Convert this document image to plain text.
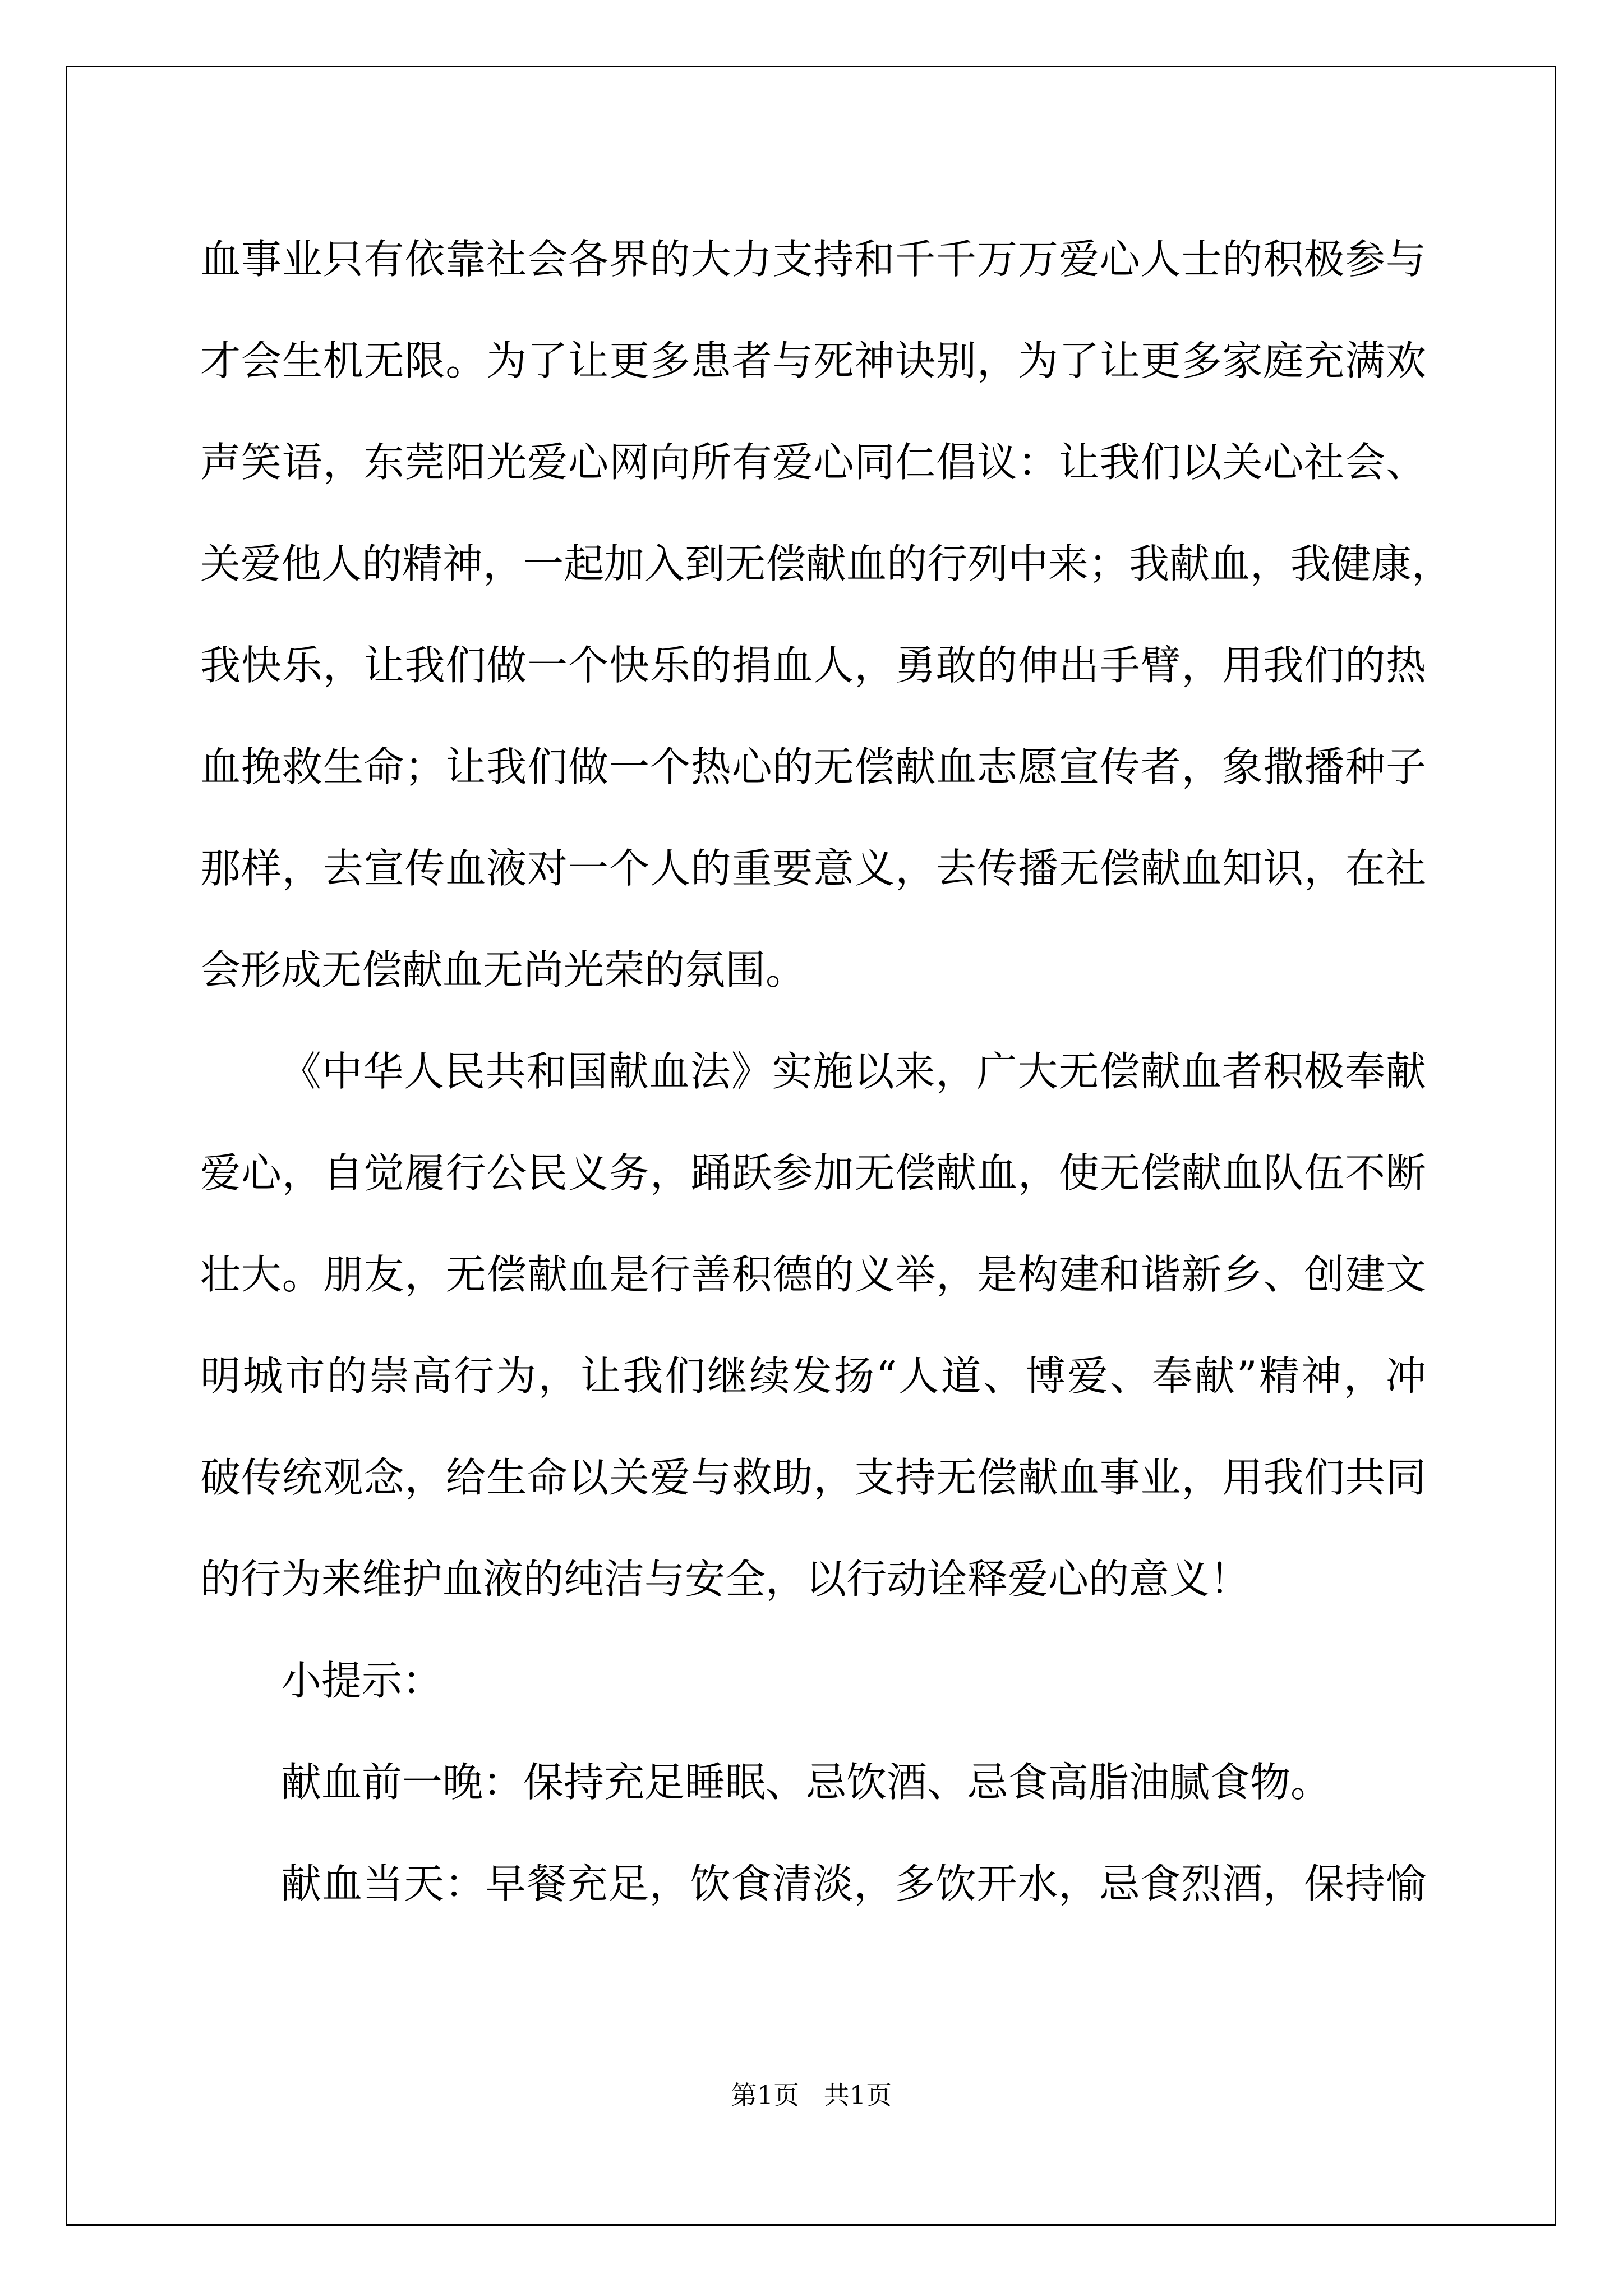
血事业只有依靠社会各界的大力支持和千千万万爱心人士的积极参与
才会生机无限。为了让更多患者与死神诀别，为了让更多家庭充满欢
声笑语，东莞阳光爱心网向所有爱心同仁倡议：让我们以关心社会、
关爱他人的精神，一起加入到无偿献血的行列中来；我献血，我健康，
我快乐，让我们做一个快乐的捐血人，勇敢的伸出手臂，用我们的热
血挽救生命；让我们做一个热心的无偿献血志愿宣传者，象撒播种子
那样，去宣传血液对一个人的重要意义，去传播无偿献血知识，在社
会形成无偿献血无尚光荣的氛围。
《中华人民共和国献血法》实施以来，广大无偿献血者积极奉献
爱心，自觉履行公民义务，踊跃参加无偿献血，使无偿献血队伍不断
壮大。朋友，无偿献血是行善积德的义举，是构建和谐新乡、创建文
明城市的崇高行为，让我们继续发扬“人道、博爱、奉献”精神，冲
破传统观念，给生命以关爱与救助，支持无偿献血事业，用我们共同
的行为来维护血液的纯洁与安全，以行动诠释爱心的意义！
小提示：
献血前一晚：保持充足睡眠、忌饮酒、忌食高脂油腻食物。
献血当天：早餐充足，饮食清淡，多饮开水，忌食烈酒，保持愉
第1页   共1页
